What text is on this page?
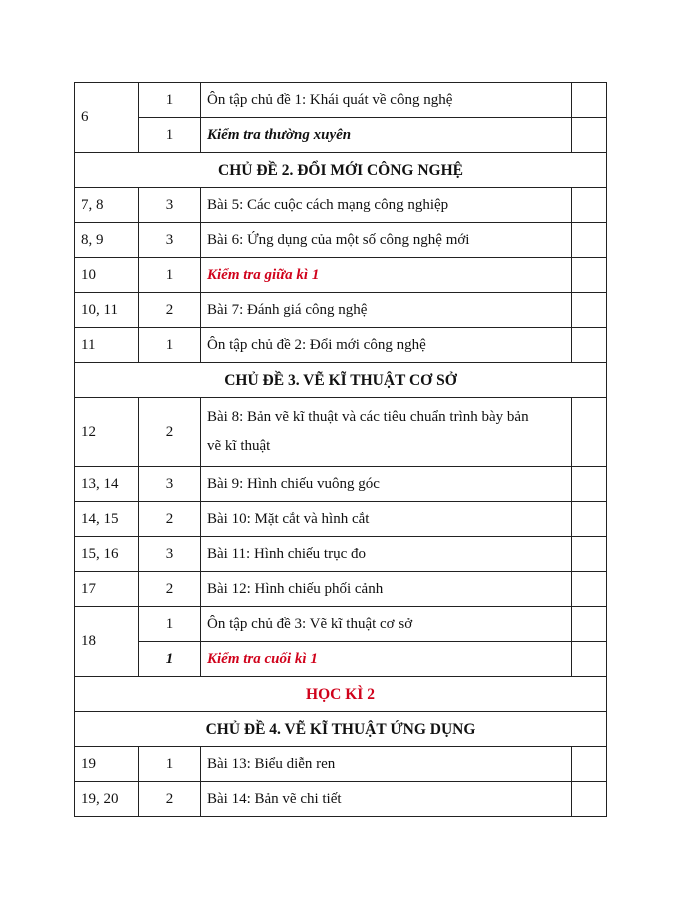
6	1	Ôn tập chủ đề 1: Khái quát về công nghệ	
	1	Kiểm tra thường xuyên	
CHỦ ĐỀ 2. ĐỔI MỚI CÔNG NGHỆ			
7, 8	3	Bài 5: Các cuộc cách mạng công nghiệp	
8, 9	3	Bài 6: Ứng dụng của một số công nghệ mới	
10	1	Kiểm tra giữa kì 1	
10, 11	2	Bài 7: Đánh giá công nghệ	
11	1	Ôn tập chủ đề 2: Đổi mới công nghệ	
CHỦ ĐỀ 3. VẼ KĨ THUẬT CƠ SỞ			
12	2	Bài 8: Bản vẽ kĩ thuật và các tiêu chuẩn trình bày bản
vẽ kĩ thuật	

13, 14	3	Bài 9: Hình chiếu vuông góc	
14, 15	2	Bài 10: Mặt cắt và hình cắt	
15, 16	3	Bài 11: Hình chiếu trục đo	
17	2	Bài 12: Hình chiếu phối cảnh	
18	1	Ôn tập chủ đề 3: Vẽ kĩ thuật cơ sở	
	1	Kiểm tra cuối kì 1	
HỌC KÌ 2			
CHỦ ĐỀ 4. VẼ KĨ THUẬT ỨNG DỤNG			
19	1	Bài 13: Biểu diễn ren	
19, 20	2	Bài 14: Bản vẽ chi tiết	
